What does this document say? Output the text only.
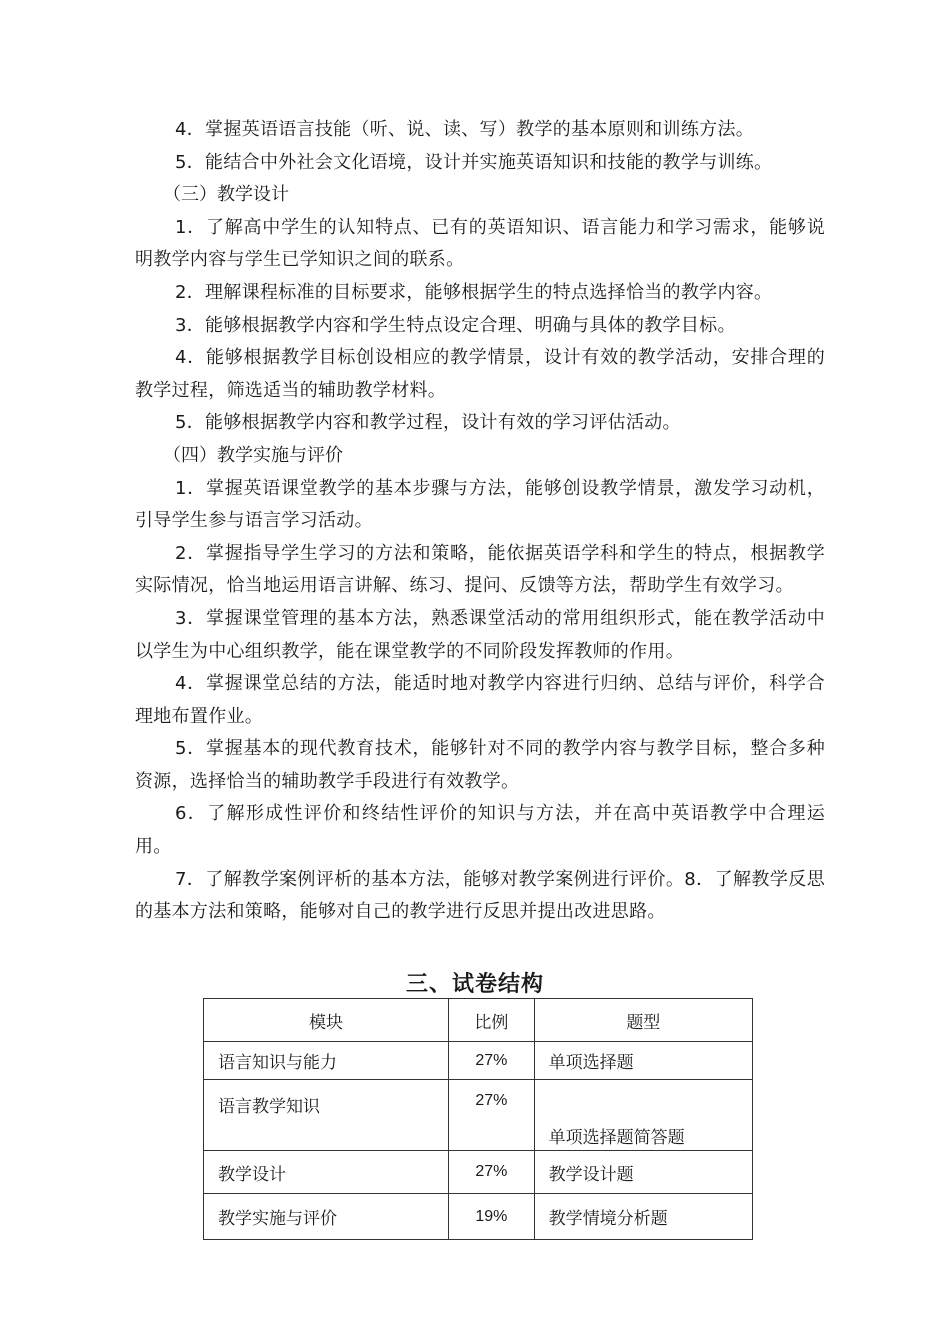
4．掌握英语语言技能（听、说、读、写）教学的基本原则和训练方法。

5．能结合中外社会文化语境，设计并实施英语知识和技能的教学与训练。

（三）教学设计

1．了解高中学生的认知特点、已有的英语知识、语言能力和学习需求，能够说明教学内容与学生已学知识之间的联系。

2．理解课程标准的目标要求，能够根据学生的特点选择恰当的教学内容。

3．能够根据教学内容和学生特点设定合理、明确与具体的教学目标。

4．能够根据教学目标创设相应的教学情景，设计有效的教学活动，安排合理的教学过程，筛选适当的辅助教学材料。

5．能够根据教学内容和教学过程，设计有效的学习评估活动。

（四）教学实施与评价

1．掌握英语课堂教学的基本步骤与方法，能够创设教学情景，激发学习动机，引导学生参与语言学习活动。

2．掌握指导学生学习的方法和策略，能依据英语学科和学生的特点，根据教学实际情况，恰当地运用语言讲解、练习、提问、反馈等方法，帮助学生有效学习。

3．掌握课堂管理的基本方法，熟悉课堂活动的常用组织形式，能在教学活动中以学生为中心组织教学，能在课堂教学的不同阶段发挥教师的作用。

4．掌握课堂总结的方法，能适时地对教学内容进行归纳、总结与评价，科学合理地布置作业。

5．掌握基本的现代教育技术，能够针对不同的教学内容与教学目标，整合多种资源，选择恰当的辅助教学手段进行有效教学。

6．了解形成性评价和终结性评价的知识与方法，并在高中英语教学中合理运用。

7．了解教学案例评析的基本方法，能够对教学案例进行评价。8．了解教学反思的基本方法和策略，能够对自己的教学进行反思并提出改进思路。

三、试卷结构
模块	比例	题型
语言知识与能力	27%	单项选择题
语言教学知识	27%	单项选择题简答题
教学设计	27%	教学设计题
教学实施与评价	19%	教学情境分析题
